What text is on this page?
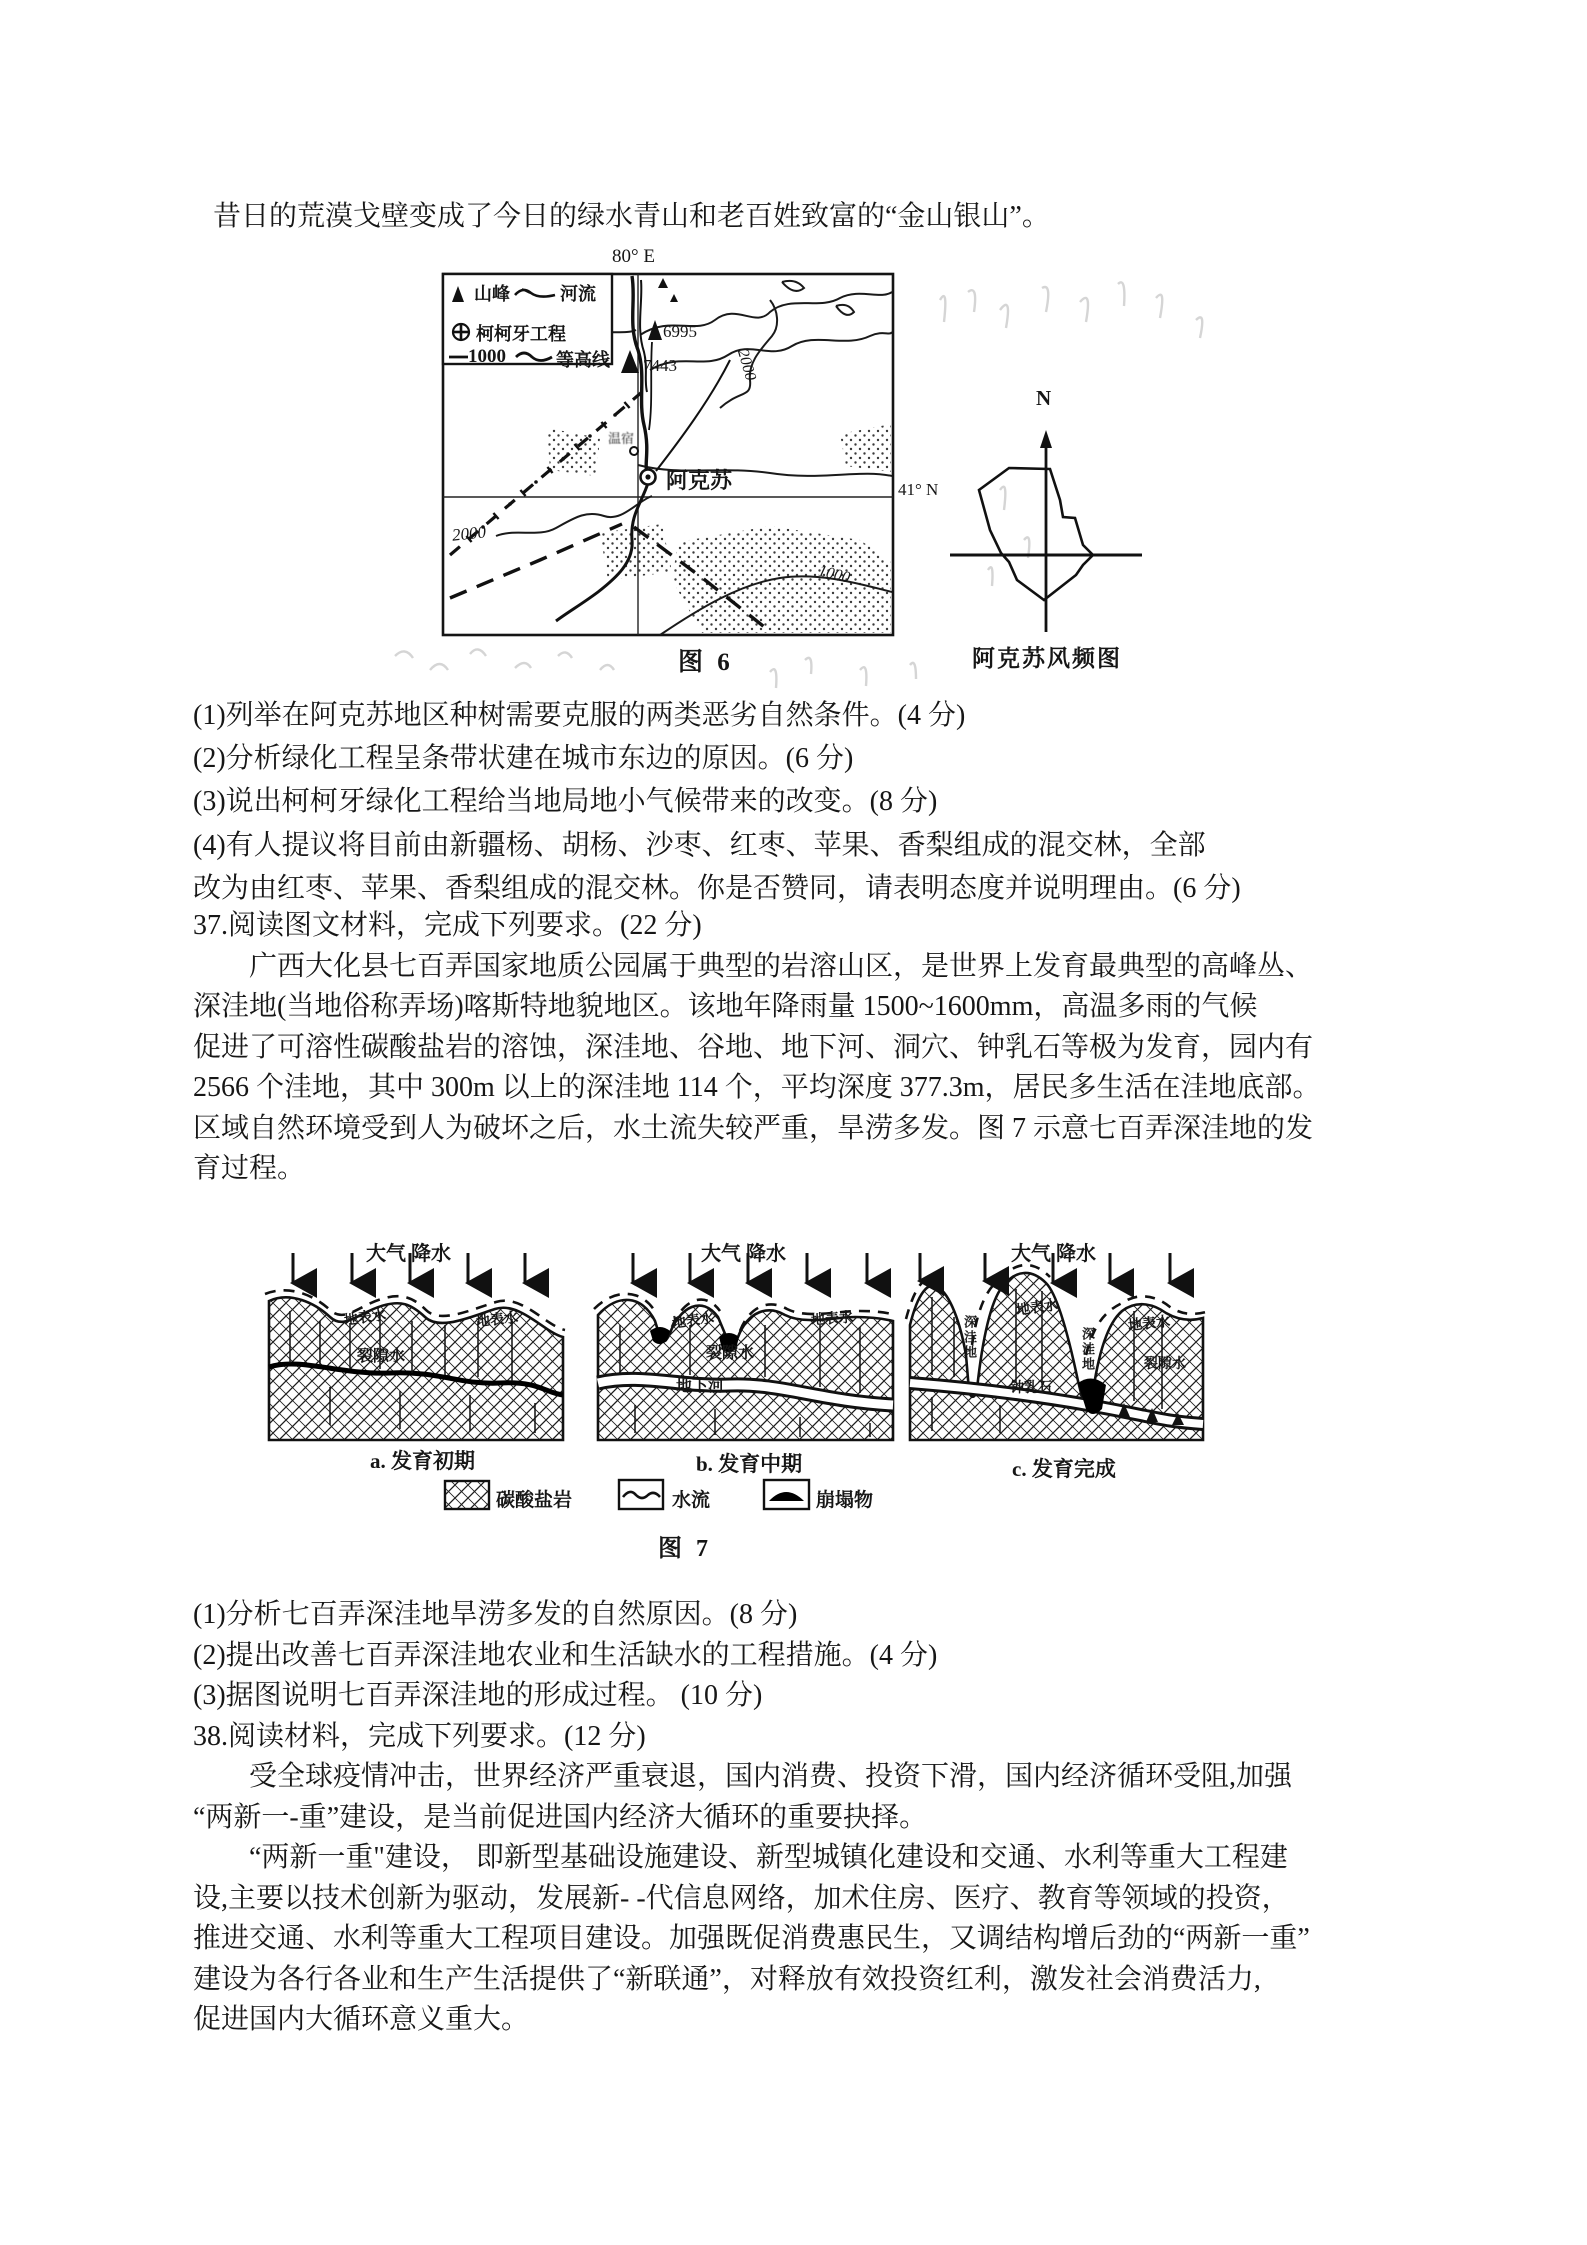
昔日的荒漠戈壁变成了今日的绿水青山和老百姓致富的“金山银山”。
80° E
41° N
山峰	河流
柯柯牙工程
1000	等高线
6995
7443	2000
2000
1000
阿克苏
温宿
N
图 6	阿克苏风频图
(1)列举在阿克苏地区种树需要克服的两类恶劣自然条件。(4 分)
(2)分析绿化工程呈条带状建在城市东边的原因。(6 分)
(3)说出柯柯牙绿化工程给当地局地小气候带来的改变。(8 分)
(4)有人提议将目前由新疆杨、胡杨、沙枣、红枣、苹果、香梨组成的混交林，全部
改为由红枣、苹果、香梨组成的混交林。你是否赞同，请表明态度并说明理由。(6 分)
37.阅读图文材料，完成下列要求。(22 分)
广西大化县七百弄国家地质公园属于典型的岩溶山区，是世界上发育最典型的高峰丛、
深洼地(当地俗称弄场)喀斯特地貌地区。该地年降雨量 1500~1600mm，高温多雨的气候
促进了可溶性碳酸盐岩的溶蚀，深洼地、谷地、地下河、洞穴、钟乳石等极为发育，园内有
2566 个洼地，其中 300m 以上的深洼地 114 个，平均深度 377.3m，居民多生活在洼地底部。
区域自然环境受到人为破坏之后，水土流失较严重，旱涝多发。图 7 示意七百弄深洼地的发
育过程。
大气 降水	大气 降水	大气 降水
地表水	地表水
裂隙水
地表水	地表水
裂隙水
地下河
地表水
地表水
深洼地	深洼地	裂隙水
钟乳石
a. 发育初期	b. 发育中期	c. 发育完成
碳酸盐岩	水流	崩塌物
图 7
(1)分析七百弄深洼地旱涝多发的自然原因。(8 分)
(2)提出改善七百弄深洼地农业和生活缺水的工程措施。(4 分)
(3)据图说明七百弄深洼地的形成过程。 (10 分)
38.阅读材料，完成下列要求。(12 分)
受全球疫情冲击，世界经济严重衰退，国内消费、投资下滑，国内经济循环受阻,加强
“两新一-重”建设，是当前促进国内经济大循环的重要抉择。
“两新一重"建设， 即新型基础设施建设、新型城镇化建设和交通、水利等重大工程建
设,主要以技术创新为驱动，发展新- -代信息网络，加术住房、医疗、教育等领域的投资，
推进交通、水利等重大工程项目建设。加强既促消费惠民生，又调结构增后劲的“两新一重”
建设为各行各业和生产生活提供了“新联通”，对释放有效投资红利，激发社会消费活力,
促进国内大循环意义重大。
